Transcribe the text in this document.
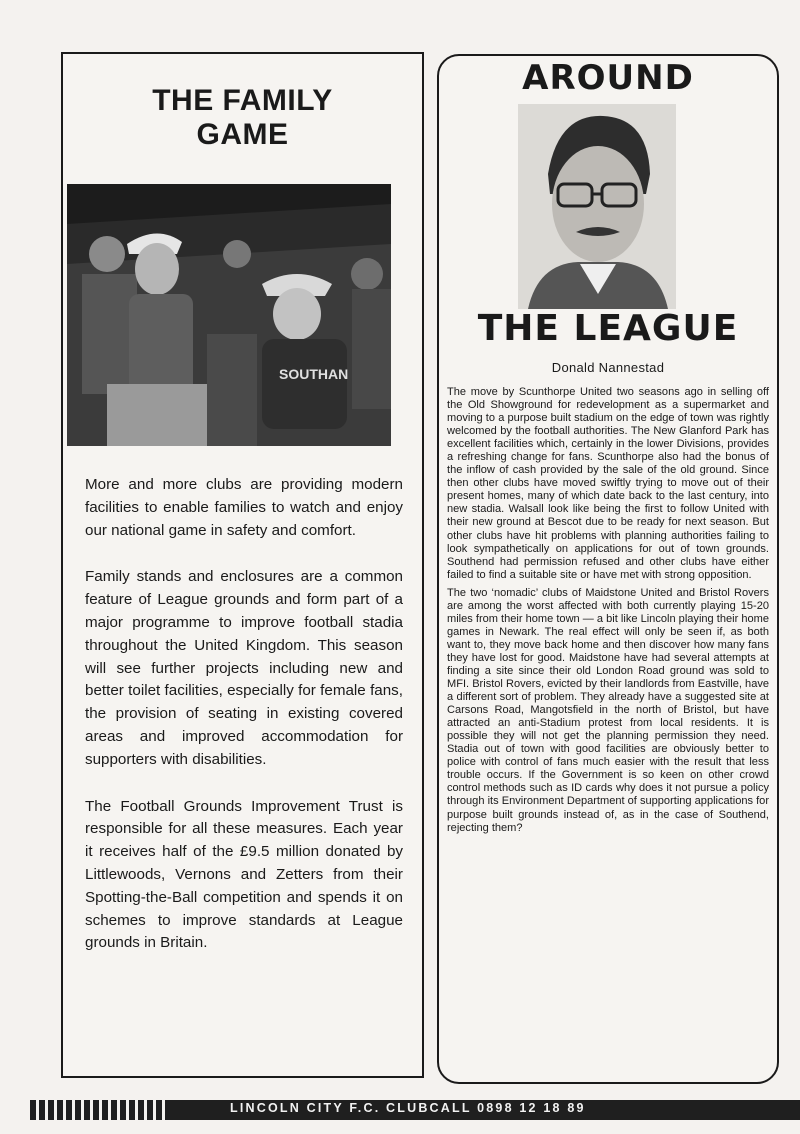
THE FAMILY
GAME
SOUTHAN

More and more clubs are providing modern facilities to enable families to watch and enjoy our national game in safety and comfort.

Family stands and enclosures are a common feature of League grounds and form part of a major programme to improve football stadia throughout the United Kingdom. This season will see further projects including new and better toilet facilities, especially for female fans, the provision of seating in existing covered areas and improved accommodation for supporters with disabilities.

The Football Grounds Improvement Trust is responsible for all these measures. Each year it receives half of the £9.5 million donated by Littlewoods, Vernons and Zetters from their Spotting-the-Ball competition and spends it on schemes to improve standards at League grounds in Britain.

AROUND
THE LEAGUE
Donald Nannestad

The move by Scunthorpe United two seasons ago in selling off the Old Showground for redevelopment as a supermarket and moving to a purpose built stadium on the edge of town was rightly welcomed by the football authorities. The New Glanford Park has excellent facilities which, certainly in the lower Divisions, provides a refreshing change for fans. Scunthorpe also had the bonus of the inflow of cash provided by the sale of the old ground. Since then other clubs have moved swiftly trying to move out of their present homes, many of which date back to the last century, into new stadia. Walsall look like being the first to follow United with their new ground at Bescot due to be ready for next season. But other clubs have hit problems with planning authorities failing to look sympathetically on applications for out of town grounds. Southend had permission refused and other clubs have either failed to find a suitable site or have met with strong opposition.

The two ‘nomadic’ clubs of Maidstone United and Bristol Rovers are among the worst affected with both currently playing 15-20 miles from their home town — a bit like Lincoln playing their home games in Newark. The real effect will only be seen if, as both want to, they move back home and then discover how many fans they have lost for good. Maidstone have had several attempts at finding a site since their old London Road ground was sold to MFI. Bristol Rovers, evicted by their landlords from Eastville, have a different sort of problem. They already have a suggested site at Carsons Road, Mangotsfield in the north of Bristol, but have attracted an anti-Stadium protest from local residents. It is possible they will not get the planning permission they need. Stadia out of town with good facilities are obviously better to police with control of fans much easier with the result that less trouble occurs. If the Government is so keen on other crowd control methods such as ID cards why does it not pursue a policy through its Environment Department of supporting applications for purpose built grounds instead of, as in the case of Southend, rejecting them?

LINCOLN CITY F.C. CLUBCALL 0898 12 18 89
